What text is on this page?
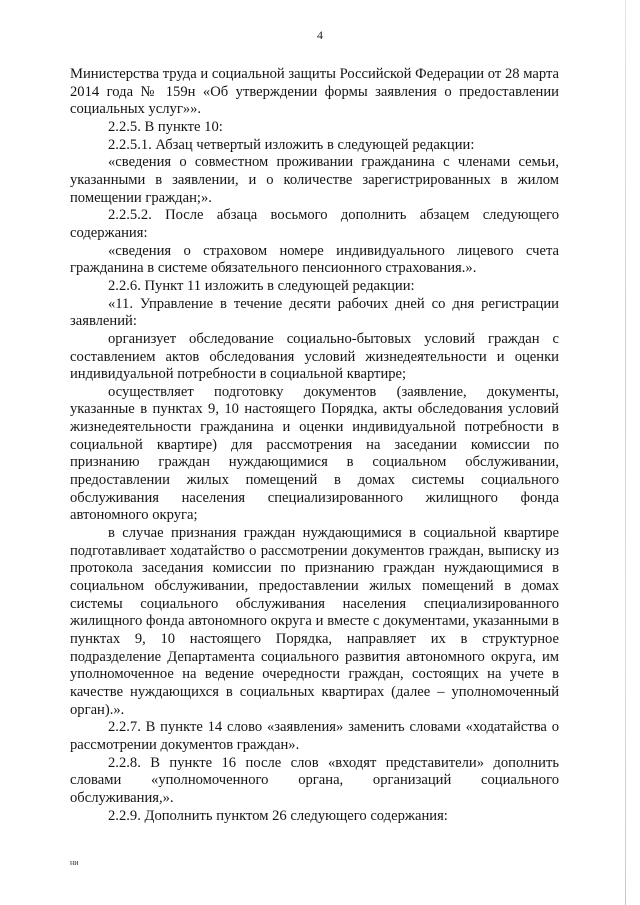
4

Министерства труда и социальной защиты Российской Федерации от 28 марта 2014 года № 159н «Об утверждении формы заявления о предоставлении социальных услуг»».

2.2.5. В пункте 10:

2.2.5.1. Абзац четвертый изложить в следующей редакции:

«сведения о совместном проживании гражданина с членами семьи, указанными в заявлении, и о количестве зарегистрированных в жилом помещении граждан;».

2.2.5.2. После абзаца восьмого дополнить абзацем следующего содержания:

«сведения о страховом номере индивидуального лицевого счета гражданина в системе обязательного пенсионного страхования.».

2.2.6. Пункт 11 изложить в следующей редакции:

«11. Управление в течение десяти рабочих дней со дня регистрации заявлений:

организует обследование социально-бытовых условий граждан с составлением актов обследования условий жизнедеятельности и оценки индивидуальной потребности в социальной квартире;

осуществляет подготовку документов (заявление, документы, указанные в пунктах 9, 10 настоящего Порядка, акты обследования условий жизнедеятельности гражданина и оценки индивидуальной потребности в социальной квартире) для рассмотрения на заседании комиссии по признанию граждан нуждающимися в социальном обслуживании, предоставлении жилых помещений в домах системы социального обслуживания населения специализированного жилищного фонда автономного округа;

в случае признания граждан нуждающимися в социальной квартире подготавливает ходатайство о рассмотрении документов граждан, выписку из протокола заседания комиссии по признанию граждан нуждающимися в социальном обслуживании, предоставлении жилых помещений в домах системы социального обслуживания населения специализированного жилищного фонда автономного округа и вместе с документами, указанными в пунктах 9, 10 настоящего Порядка, направляет их в структурное подразделение Департамента социального развития автономного округа, им уполномоченное на ведение очередности граждан, состоящих на учете в качестве нуждающихся в социальных квартирах (далее – уполномоченный орган).».

2.2.7. В пункте 14 слово «заявления» заменить словами «ходатайства о рассмотрении документов граждан».

2.2.8. В пункте 16 после слов «входят представители» дополнить словами «уполномоченного органа, организаций социального обслуживания,».

2.2.9. Дополнить пунктом 26 следующего содержания:

ни
